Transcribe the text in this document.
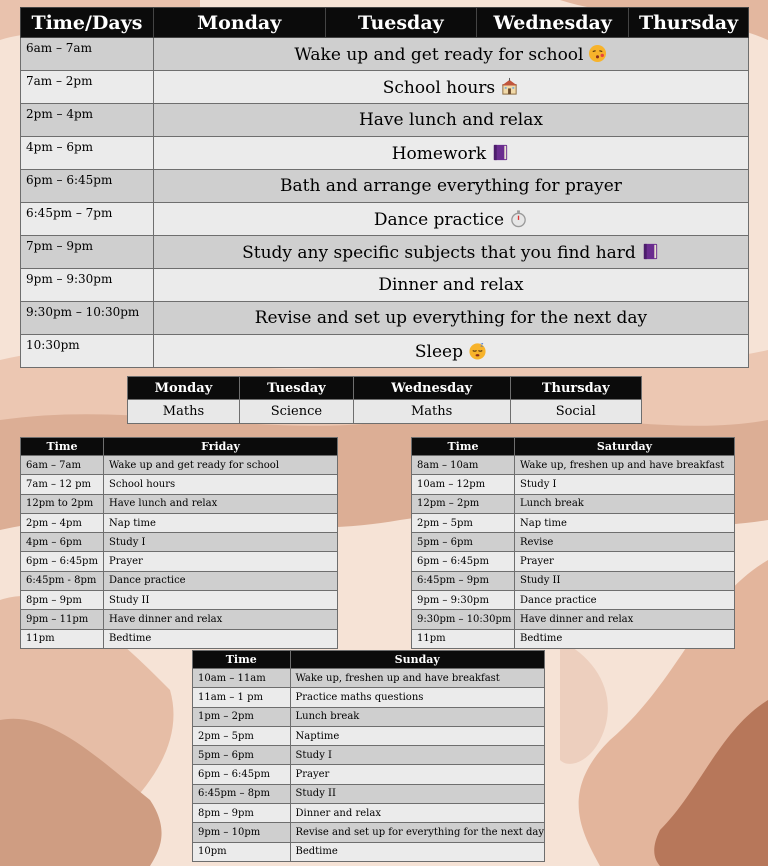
Time/Days	Monday	Tuesday	Wednesday	Thursday
6am – 7am	Wake up and get ready for school			
7am – 2pm	School hours			
2pm – 4pm	Have lunch and relax			
4pm – 6pm	Homework			
6pm – 6:45pm	Bath and arrange everything for prayer			
6:45pm – 7pm	Dance practice			
7pm – 9pm	Study any specific subjects that you find hard			
9pm – 9:30pm	Dinner and relax			
9:30pm – 10:30pm	Revise and set up everything for the next day			
10:30pm	Sleep z			
Monday	Tuesday	Wednesday	Thursday
Maths	Science	Maths	Social
Time	Friday
6am – 7am	Wake up and get ready for school
7am – 12 pm	School hours
12pm to 2pm	Have lunch and relax
2pm – 4pm	Nap time
4pm – 6pm	Study I
6pm – 6:45pm	Prayer
6:45pm - 8pm	Dance practice
8pm – 9pm	Study II
9pm – 11pm	Have dinner and relax
11pm	Bedtime
Time	Saturday
8am – 10am	Wake up, freshen up and have breakfast
10am – 12pm	Study I
12pm – 2pm	Lunch break
2pm – 5pm	Nap time
5pm – 6pm	Revise
6pm – 6:45pm	Prayer
6:45pm – 9pm	Study II
9pm – 9:30pm	Dance practice
9:30pm – 10:30pm	Have dinner and relax
11pm	Bedtime
Time	Sunday
10am – 11am	Wake up, freshen up and have breakfast
11am – 1 pm	Practice maths questions
1pm – 2pm	Lunch break
2pm – 5pm	Naptime
5pm – 6pm	Study I
6pm – 6:45pm	Prayer
6:45pm – 8pm	Study II
8pm – 9pm	Dinner and relax
9pm – 10pm	Revise and set up for everything for the next day
10pm	Bedtime
